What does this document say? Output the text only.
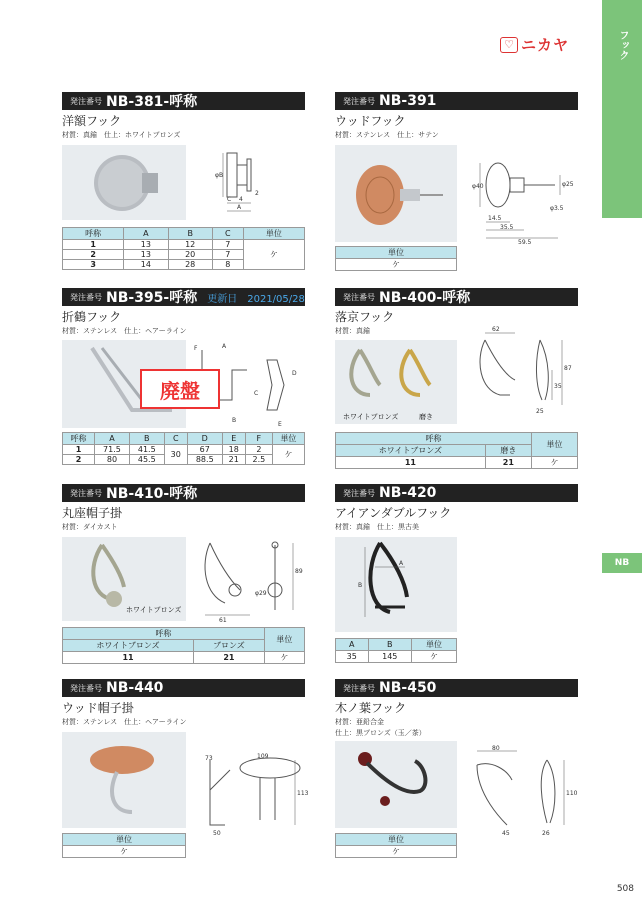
フック
♡ ニカヤ
NB
発注番号 NB-381-呼称
洋額フック
材質：真鍮　仕上：ホワイトブロンズ
φB
C 4
2
A
呼称	A	B	C	単位
1	13	12	7	ケ
2	13	20	7	
3	14	28	8	
発注番号 NB-391
ウッドフック
材質：ステンレス　仕上：サテン
φ40	φ25
φ3.5
14.5
35.5
59.5
単位
ケ
発注番号 NB-395-呼称 更新日　2021/05/28
折鶴フック
材質：ステンレス　仕上：ヘアーライン
F	A
D
C
B
E
廃盤
呼称	A	B	C	D	E	F	単位
1	71.5	41.5	30	67	18	2	ケ
2	80	45.5		88.5	21	2.5	
発注番号 NB-400-呼称
落京フック
材質：真鍮
ホワイトブロンズ	磨き
62
87
35
25
呼称		単位
ホワイトブロンズ	磨き	
11	21	ケ
発注番号 NB-410-呼称
丸座帽子掛
材質：ダイカスト
ホワイトブロンズ
φ29
89
61
呼称		単位
ホワイトブロンズ	ブロンズ	
11	21	ケ
発注番号 NB-420
アイアンダブルフック
材質：真鍮　仕上：黒古美
B
A
A	B	単位
35	145	ケ
発注番号 NB-440
ウッド帽子掛
材質：ステンレス　仕上：ヘアーライン
73	109
113
50
単位
ケ
発注番号 NB-450
木ノ葉フック
材質：亜鉛合金
仕上：黒ブロンズ（玉／茶）
80
110
45	26
単位
ケ
508
